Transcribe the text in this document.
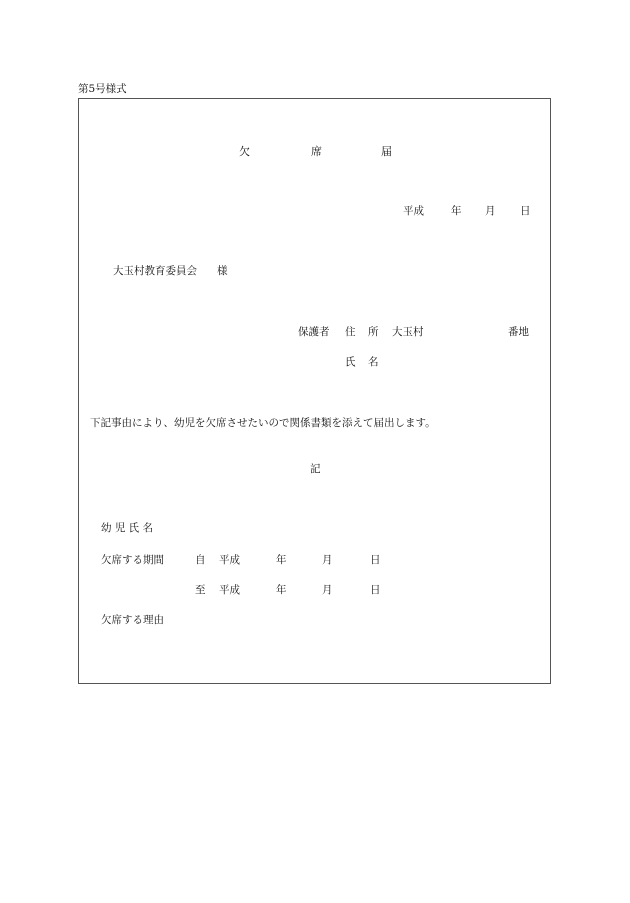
第5号様式
欠	席	届
平成	年 月 日
大玉村教育委員会 様
保護者 住 所 大玉村	番地
氏 名
下記事由により、幼児を欠席させたいので関係書類を添えて届出します。
記
幼 児 氏 名
欠席する期間	自 平成	年	月	日
至 平成	年	月	日
欠席する理由
